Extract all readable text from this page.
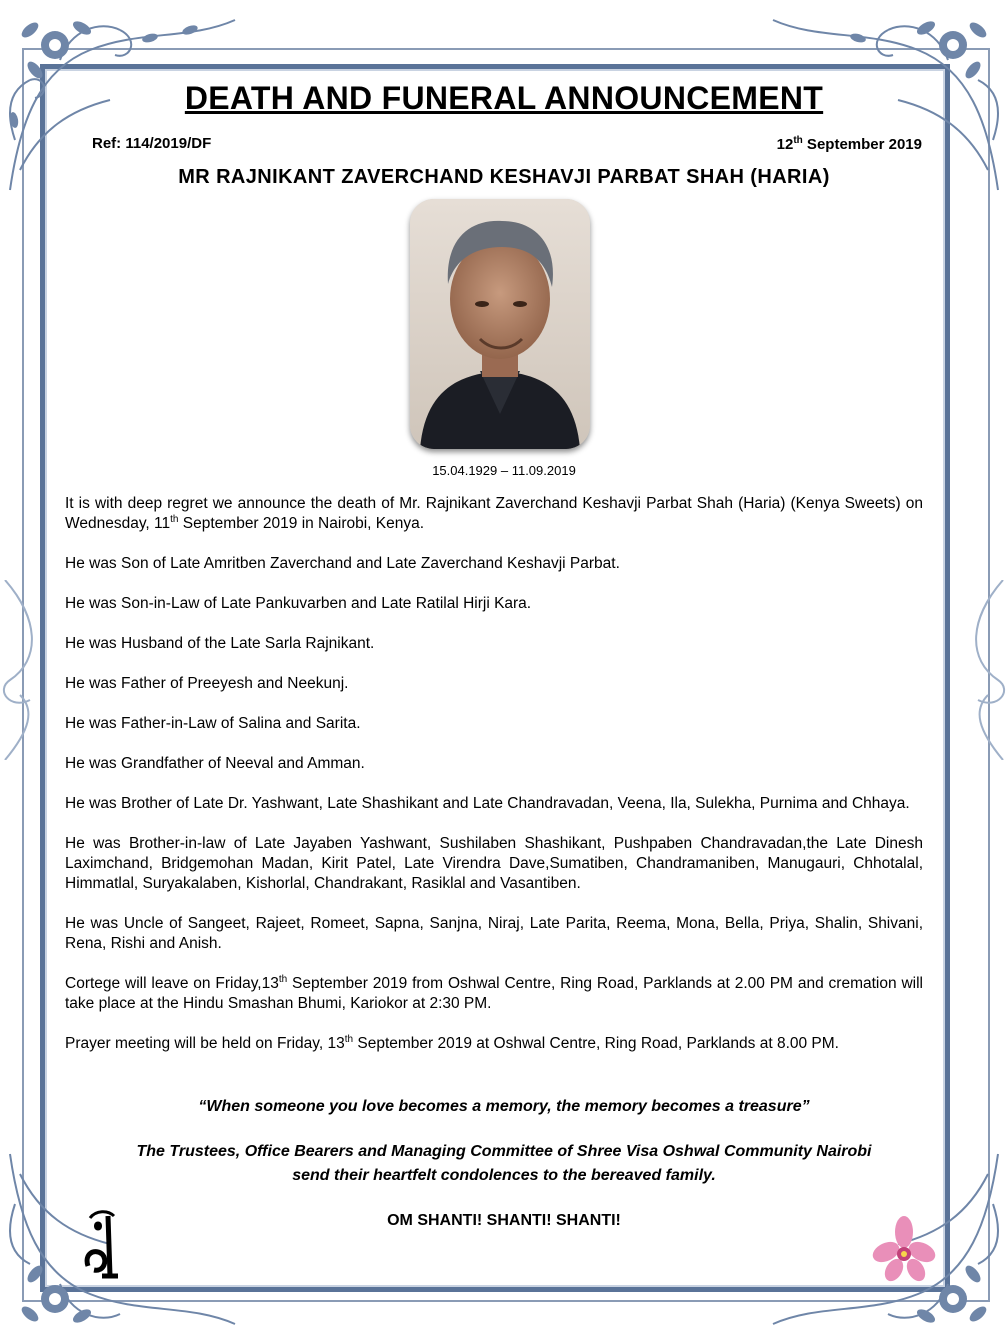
DEATH AND FUNERAL ANNOUNCEMENT
Ref: 114/2019/DF	12th September 2019
MR RAJNIKANT ZAVERCHAND KESHAVJI PARBAT SHAH (HARIA)
15.04.1929 – 11.09.2019

It is with deep regret we announce the death of Mr. Rajnikant Zaverchand Keshavji Parbat Shah (Haria) (Kenya Sweets) on Wednesday, 11th September 2019 in Nairobi, Kenya.

He was Son of Late Amritben Zaverchand and Late Zaverchand Keshavji Parbat.

He was Son-in-Law of Late Pankuvarben and Late Ratilal Hirji Kara.

He was Husband of the Late Sarla Rajnikant.

He was Father of Preeyesh and Neekunj.

He was Father-in-Law of Salina and Sarita.

He was Grandfather of Neeval and Amman.

He was Brother of Late Dr. Yashwant, Late Shashikant and Late Chandravadan, Veena, Ila, Sulekha, Purnima and Chhaya.

He was Brother-in-law of Late Jayaben Yashwant, Sushilaben Shashikant, Pushpaben Chandravadan,the Late Dinesh Laximchand, Bridgemohan Madan, Kirit Patel, Late Virendra Dave,Sumatiben, Chandramaniben, Manugauri, Chhotalal, Himmatlal, Suryakalaben, Kishorlal, Chandrakant, Rasiklal and Vasantiben.

He was Uncle of Sangeet, Rajeet, Romeet, Sapna, Sanjna, Niraj, Late Parita, Reema, Mona, Bella, Priya, Shalin, Shivani, Rena, Rishi and Anish.

Cortege will leave on Friday,13th September 2019 from Oshwal Centre, Ring Road, Parklands at 2.00 PM and cremation will take place at the Hindu Smashan Bhumi, Kariokor at 2:30 PM.

Prayer meeting will be held on Friday, 13th September 2019 at Oshwal Centre, Ring Road, Parklands at 8.00 PM.

“When someone you love becomes a memory, the memory becomes a treasure”
The Trustees, Office Bearers and Managing Committee of Shree Visa Oshwal Community Nairobi
send their heartfelt condolences to the bereaved family.
OM SHANTI! SHANTI! SHANTI!
